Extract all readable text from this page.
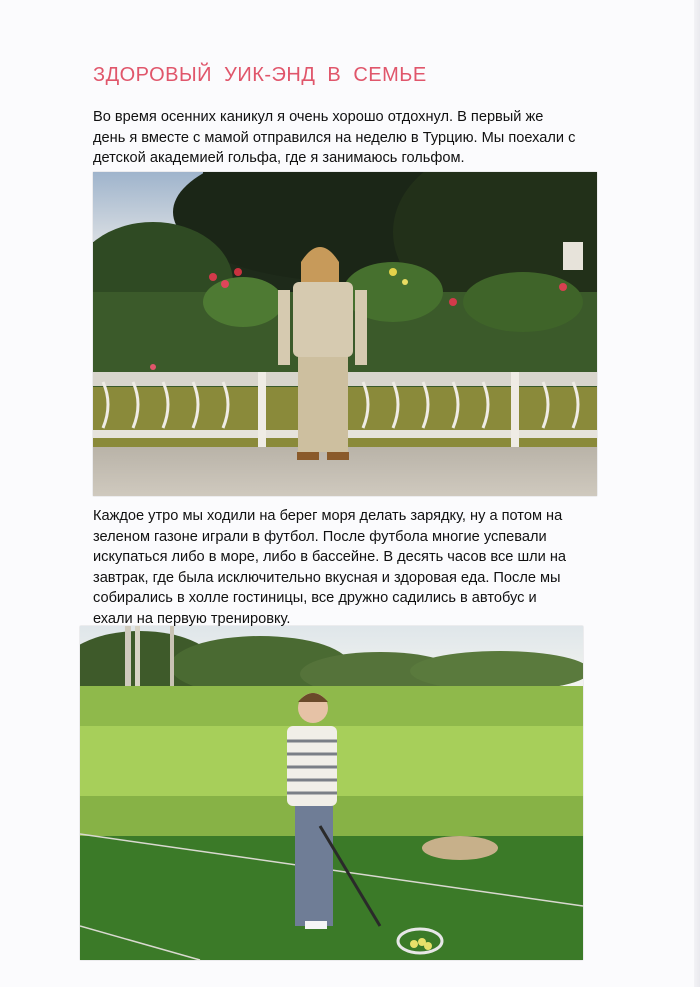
ЗДОРОВЫЙ УИК-ЭНД В СЕМЬЕ
Во время осенних каникул я очень хорошо отдохнул. В первый же
день я вместе с мамой отправился на неделю в Турцию. Мы поехали с
детской академией гольфа, где я занимаюсь гольфом.
Каждое утро мы ходили на берег моря делать зарядку, ну а потом на
зеленом газоне играли в футбол. После футбола многие успевали
искупаться либо в море, либо в бассейне. В десять часов все шли на
завтрак, где была исключительно вкусная и здоровая еда. После мы
собирались в холле гостиницы, все дружно садились в автобус и
ехали на первую тренировку.
